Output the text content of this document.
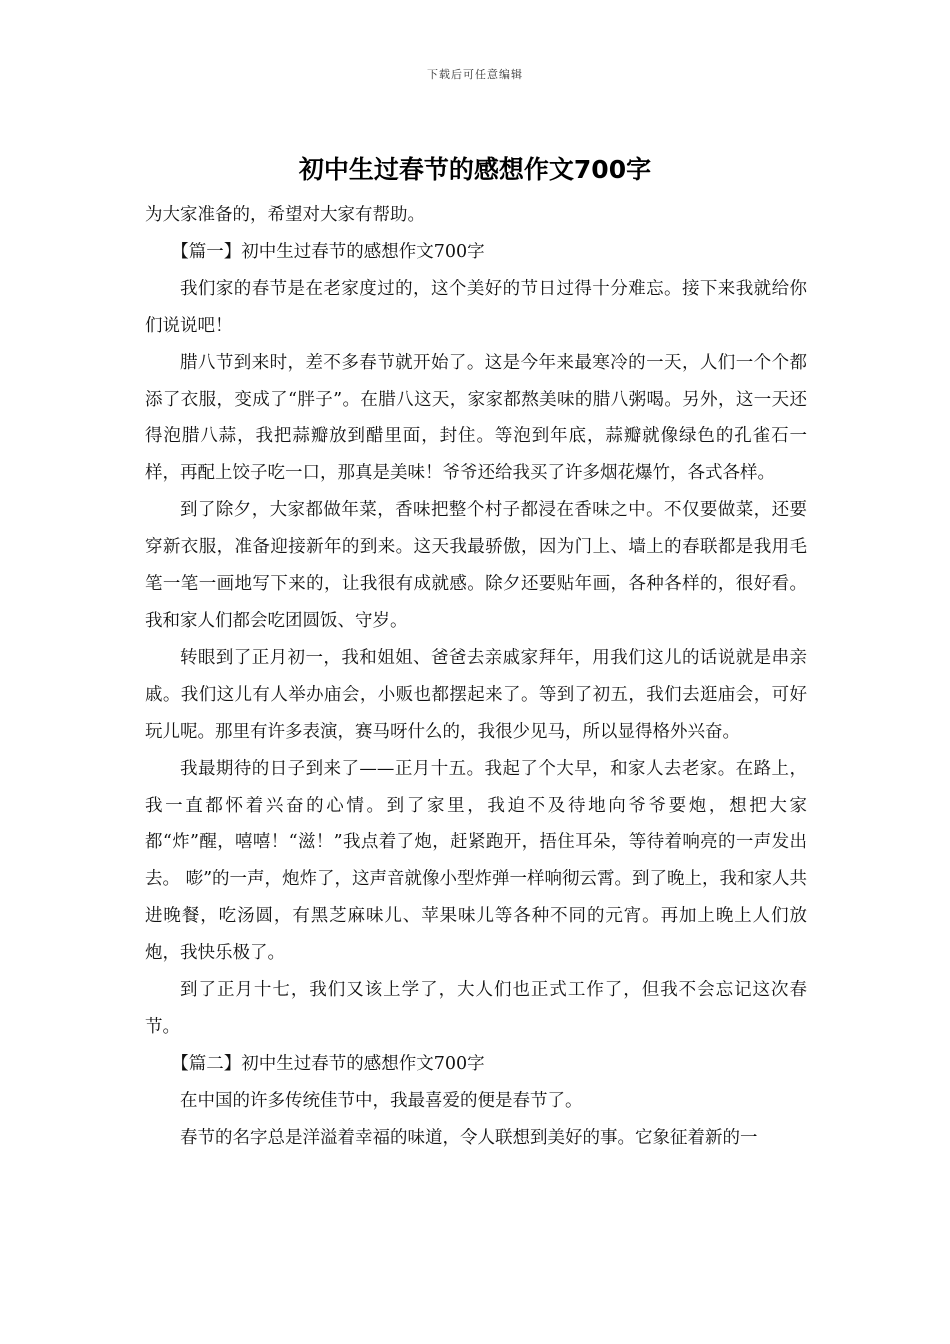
下载后可任意编辑
初中生过春节的感想作文700字

为大家准备的，希望对大家有帮助。

【篇一】初中生过春节的感想作文700字

我们家的春节是在老家度过的，这个美好的节日过得十分难忘。接下来我就给你们说说吧！

腊八节到来时，差不多春节就开始了。这是今年来最寒冷的一天，人们一个个都添了衣服，变成了“胖子”。在腊八这天，家家都熬美味的腊八粥喝。另外，这一天还得泡腊八蒜，我把蒜瓣放到醋里面，封住。等泡到年底，蒜瓣就像绿色的孔雀石一样，再配上饺子吃一口，那真是美味！爷爷还给我买了许多烟花爆竹，各式各样。

到了除夕，大家都做年菜，香味把整个村子都浸在香味之中。不仅要做菜，还要穿新衣服，准备迎接新年的到来。这天我最骄傲，因为门上、墙上的春联都是我用毛笔一笔一画地写下来的，让我很有成就感。除夕还要贴年画，各种各样的，很好看。我和家人们都会吃团圆饭、守岁。

转眼到了正月初一，我和姐姐、爸爸去亲戚家拜年，用我们这儿的话说就是串亲戚。我们这儿有人举办庙会，小贩也都摆起来了。等到了初五，我们去逛庙会，可好玩儿呢。那里有许多表演，赛马呀什么的，我很少见马，所以显得格外兴奋。

我最期待的日子到来了——正月十五。我起了个大早，和家人去老家。在路上，我一直都怀着兴奋的心情。到了家里，我迫不及待地向爷爷要炮，想把大家都“炸”醒，嘻嘻！“滋！”我点着了炮，赶紧跑开，捂住耳朵，等待着响亮的一声发出去。 嘭”的一声，炮炸了，这声音就像小型炸弹一样响彻云霄。到了晚上，我和家人共进晚餐，吃汤圆，有黑芝麻味儿、苹果味儿等各种不同的元宵。再加上晚上人们放炮，我快乐极了。

到了正月十七，我们又该上学了，大人们也正式工作了，但我不会忘记这次春节。

【篇二】初中生过春节的感想作文700字

在中国的许多传统佳节中，我最喜爱的便是春节了。

春节的名字总是洋溢着幸福的味道，令人联想到美好的事。它象征着新的一
